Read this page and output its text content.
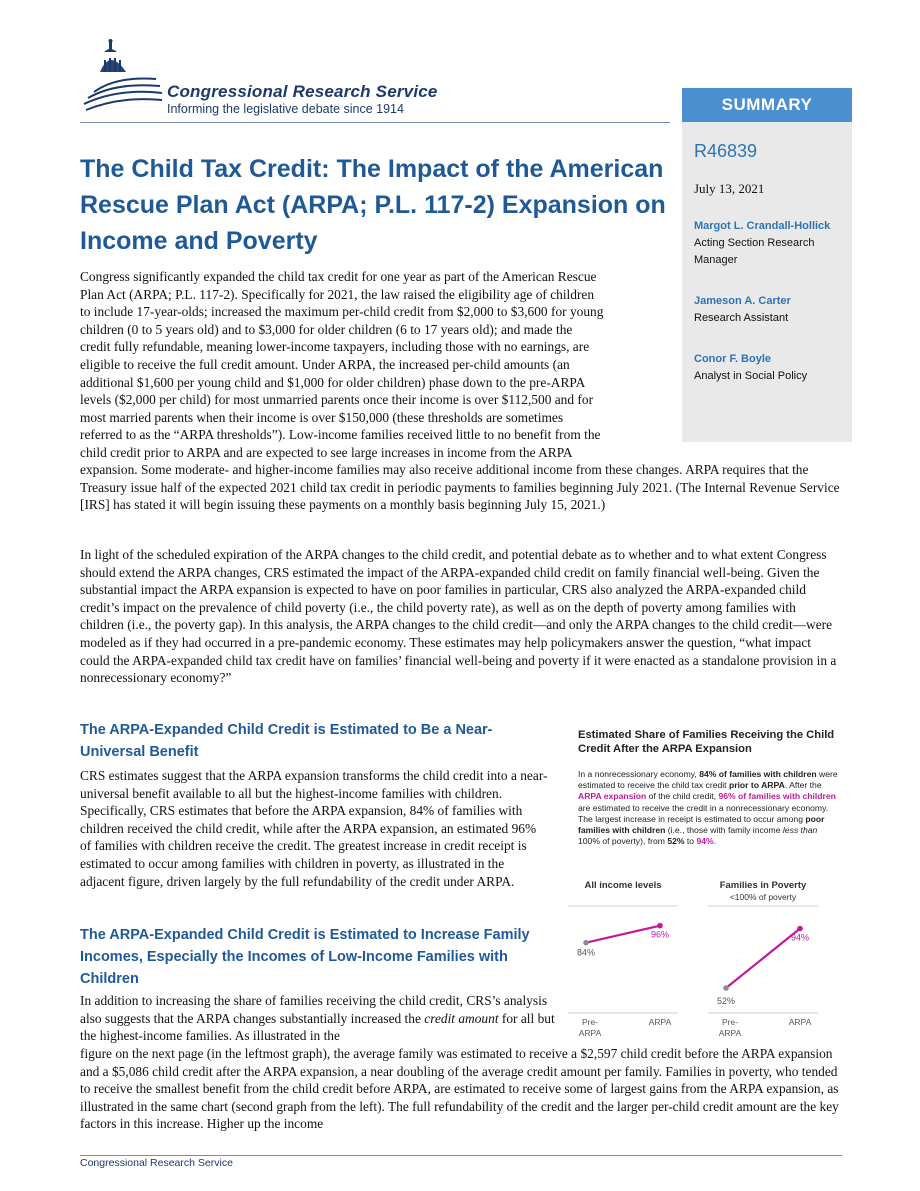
Congressional Research Service
Informing the legislative debate since 1914	SUMMARY
R46839
July 13, 2021
Margot L. Crandall-Hollick
Acting Section Research Manager
Jameson A. Carter
Research Assistant
Conor F. Boyle
Analyst in Social Policy
The Child Tax Credit: The Impact of the American Rescue Plan Act (ARPA; P.L. 117-2) Expansion on Income and Poverty
Congress significantly expanded the child tax credit for one year as part of the American Rescue
Plan Act (ARPA; P.L. 117-2). Specifically for 2021, the law raised the eligibility age of children
to include 17-year-olds; increased the maximum per-child credit from $2,000 to $3,600 for young
children (0 to 5 years old) and to $3,000 for older children (6 to 17 years old); and made the
credit fully refundable, meaning lower-income taxpayers, including those with no earnings, are
eligible to receive the full credit amount. Under ARPA, the increased per-child amounts (an
additional $1,600 per young child and $1,000 for older children) phase down to the pre-ARPA
levels ($2,000 per child) for most unmarried parents once their income is over $112,500 and for
most married parents when their income is over $150,000 (these thresholds are sometimes
referred to as the “ARPA thresholds”). Low-income families received little to no benefit from the
child credit prior to ARPA and are expected to see large increases in income from the ARPA

expansion. Some moderate- and higher-income families may also receive additional income from these changes. ARPA requires that the Treasury issue half of the expected 2021 child tax credit in periodic payments to families beginning July 2021. (The Internal Revenue Service [IRS] has stated it will begin issuing these payments on a monthly basis beginning July 15, 2021.)

In light of the scheduled expiration of the ARPA changes to the child credit, and potential debate as to whether and to what extent Congress should extend the ARPA changes, CRS estimated the impact of the ARPA-expanded child credit on family financial well-being. Given the substantial impact the ARPA expansion is expected to have on poor families in particular, CRS also analyzed the ARPA-expanded child credit’s impact on the prevalence of child poverty (i.e., the child poverty rate), as well as on the depth of poverty among families with children (i.e., the poverty gap). In this analysis, the ARPA changes to the child credit—and only the ARPA changes to the child credit—were modeled as if they had occurred in a pre-pandemic economy. These estimates may help policymakers answer the question, “what impact could the ARPA-expanded child tax credit have on families’ financial well-being and poverty if it were enacted as a standalone provision in a nonrecessionary economy?”

The ARPA-Expanded Child Credit is Estimated to Be a Near-Universal Benefit

CRS estimates suggest that the ARPA expansion transforms the child credit into a near-universal benefit available to all but the highest-income families with children. Specifically, CRS estimates that before the ARPA expansion, 84% of families with children received the child credit, while after the ARPA expansion, an estimated 96% of families with children receive the credit. The greatest increase in credit receipt is estimated to occur among families with children in poverty, as illustrated in the adjacent figure, driven largely by the full refundability of the credit under ARPA.

The ARPA-Expanded Child Credit is Estimated to Increase Family Incomes, Especially the Incomes of Low-Income Families with Children

In addition to increasing the share of families receiving the child credit, CRS’s analysis also suggests that the ARPA changes substantially increased the credit amount for all but the highest-income families. As illustrated in the

figure on the next page (in the leftmost graph), the average family was estimated to receive a $2,597 child credit before the ARPA expansion and a $5,086 child credit after the ARPA expansion, a near doubling of the average credit amount per family. Families in poverty, who tended to receive the smallest benefit from the child credit before ARPA, are estimated to receive some of largest gains from the ARPA expansion, as illustrated in the same chart (second graph from the left). The full refundability of the credit and the larger per-child credit amount are the key factors in this increase. Higher up the income

Estimated Share of Families Receiving the Child Credit After the ARPA Expansion
In a nonrecessionary economy, 84% of families with children were estimated to receive the child tax credit prior to ARPA. After the ARPA expansion of the child credit, 96% of families with children are estimated to receive the credit in a nonrecessionary economy. The largest increase in receipt is estimated to occur among poor families with children (i.e., those with family income less than 100% of poverty), from 52% to 94%.
All income levels
84%
96%
Pre-
ARPA
ARPA
Families in Poverty
<100% of poverty
52%
94%
Pre-
ARPA
ARPA
Congressional Research Service
